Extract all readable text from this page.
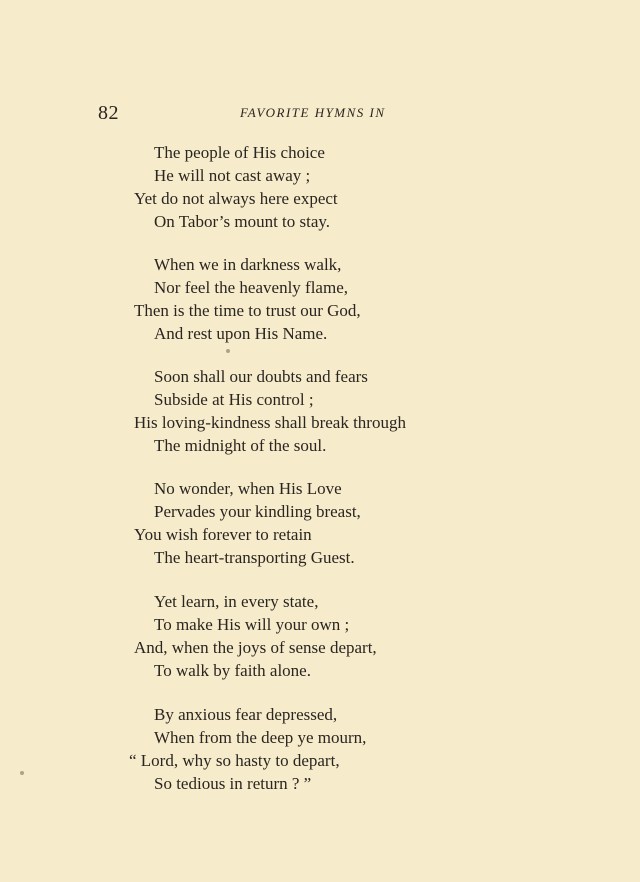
82	FAVORITE HYMNS IN
The people of His choice
He will not cast away ;
Yet do not always here expect
On Tabor’s mount to stay.
When we in darkness walk,
Nor feel the heavenly flame,
Then is the time to trust our God,
And rest upon His Name.
Soon shall our doubts and fears
Subside at His control ;
His loving-kindness shall break through
The midnight of the soul.
No wonder, when His Love
Pervades your kindling breast,
You wish forever to retain
The heart-transporting Guest.
Yet learn, in every state,
To make His will your own ;
And, when the joys of sense depart,
To walk by faith alone.
By anxious fear depressed,
When from the deep ye mourn,
“ Lord, why so hasty to depart,
So tedious in return ? ”
